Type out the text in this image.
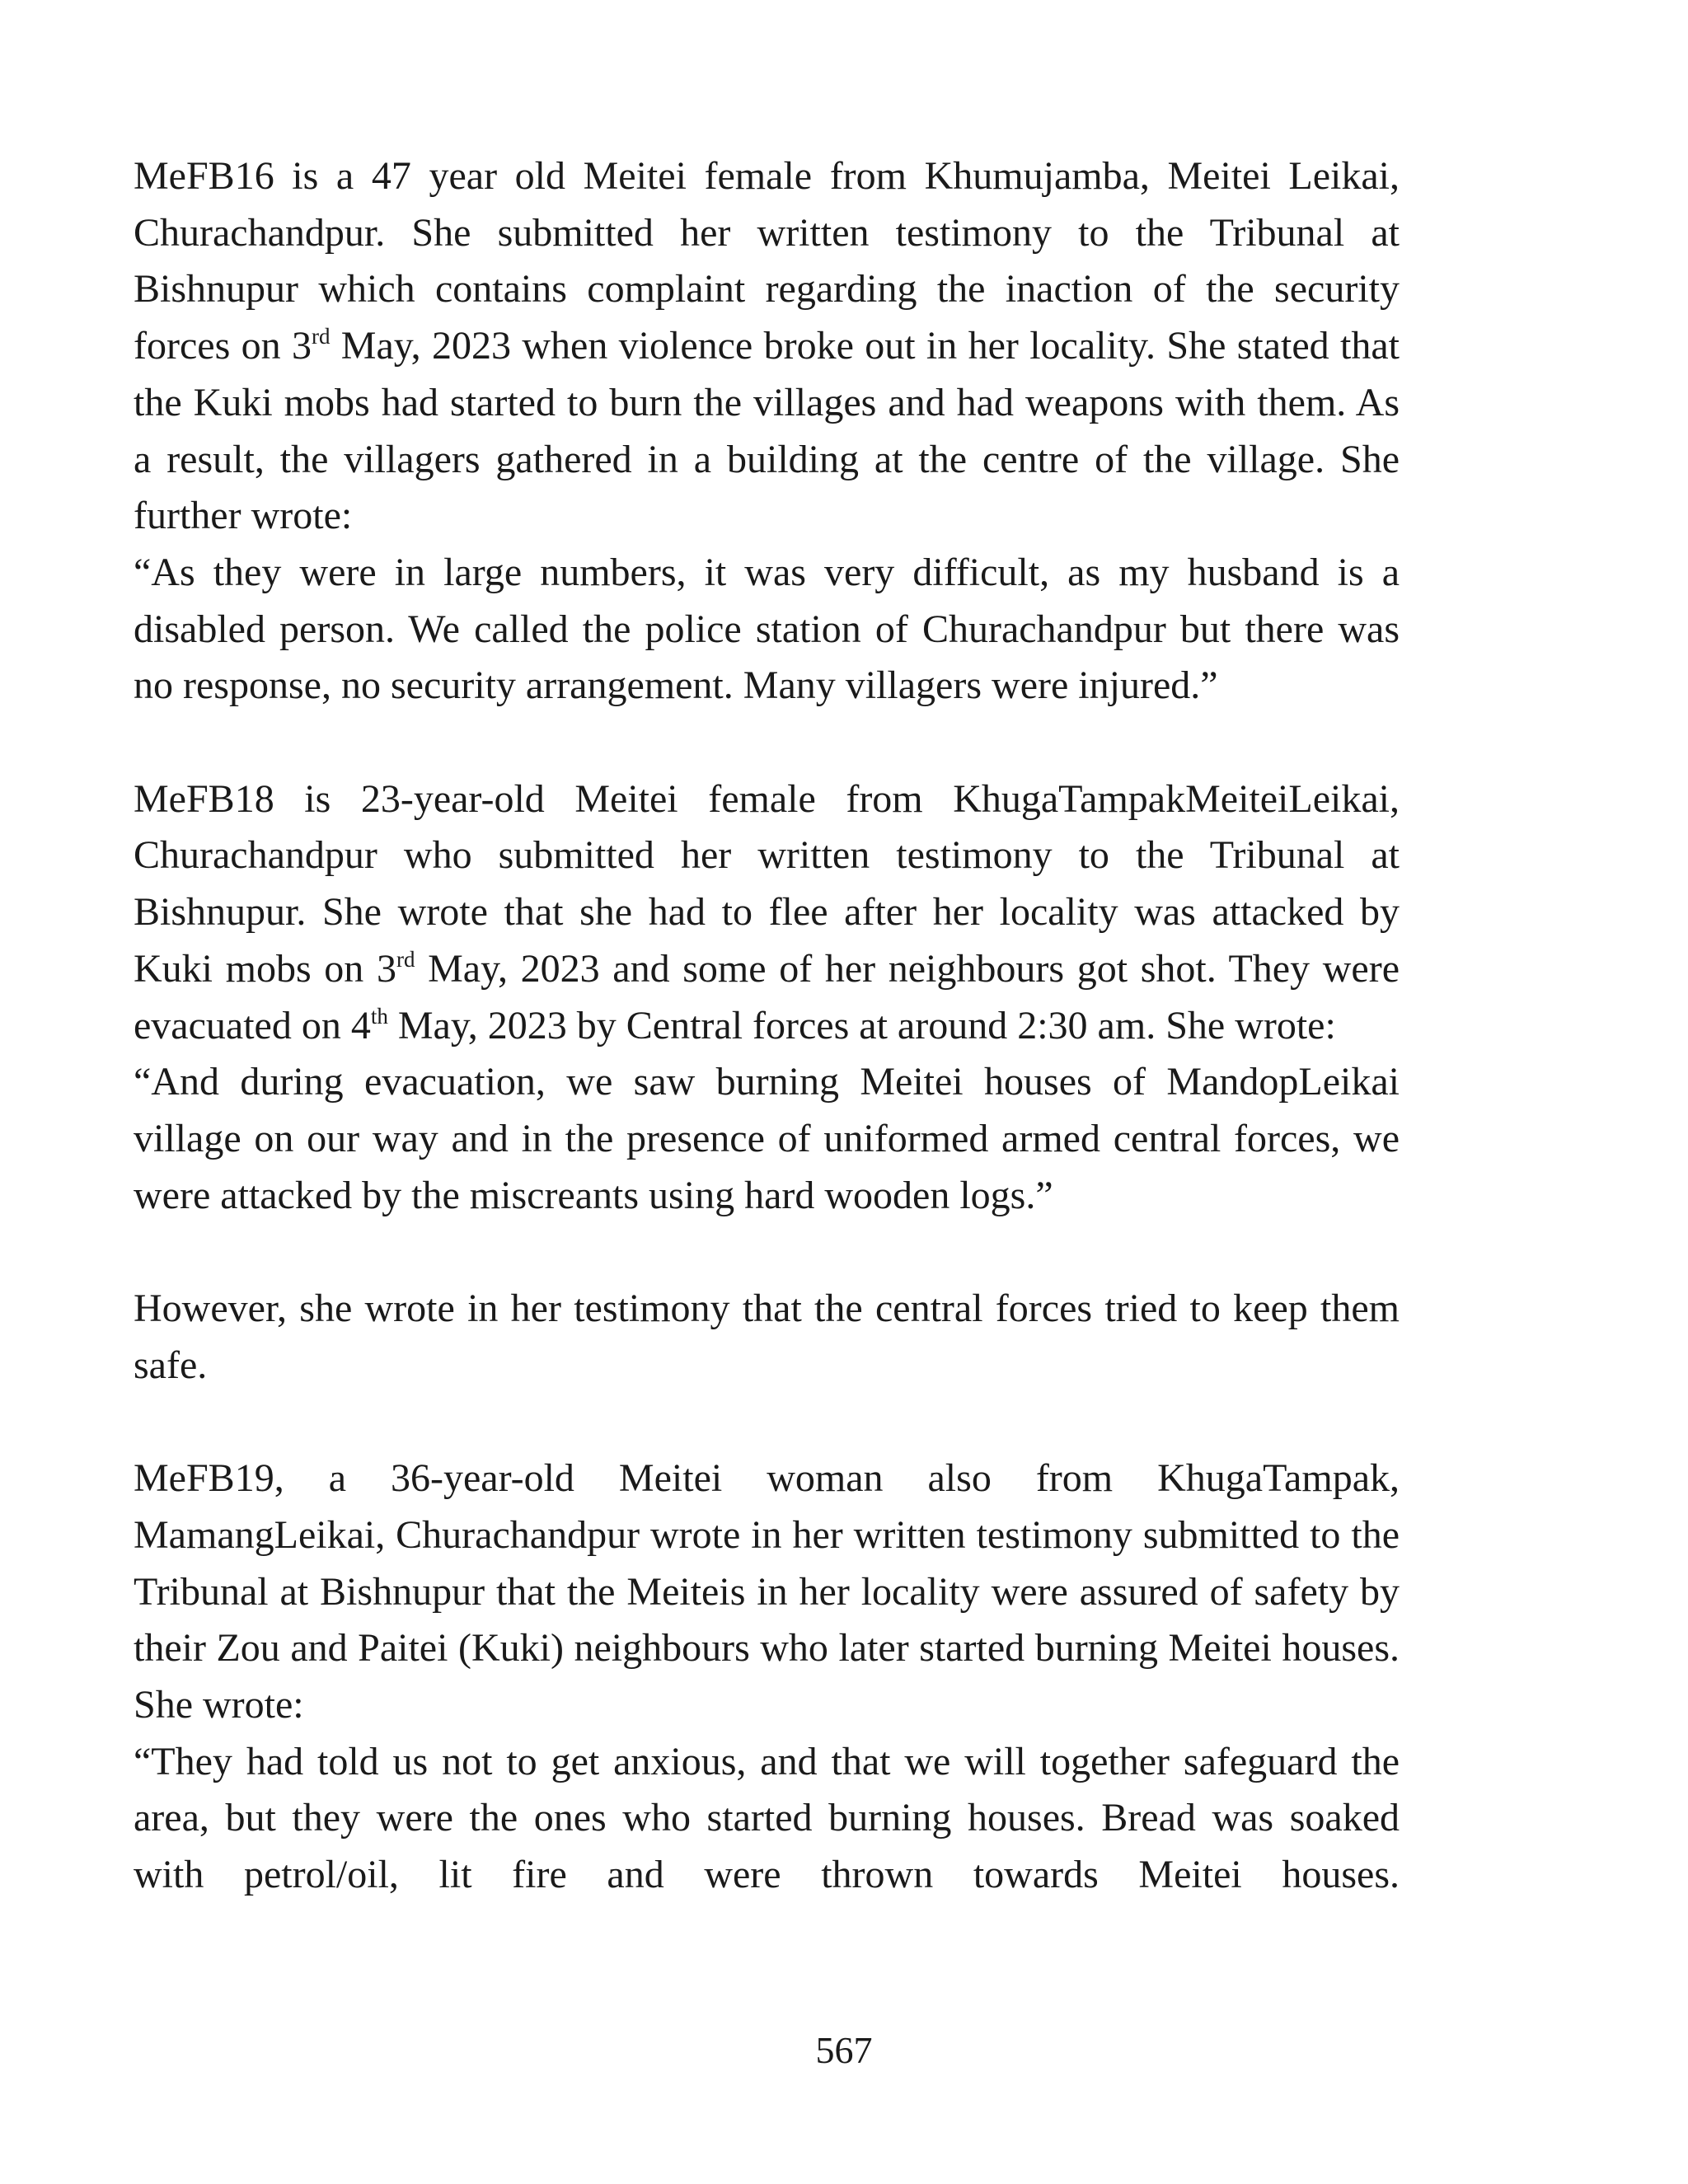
MeFB16 is a 47 year old Meitei female from Khumujamba, Meitei Leikai, Churachandpur. She submitted her written testimony to the Tribunal at Bishnupur which contains complaint regarding the inaction of the security forces on 3rd May, 2023 when violence broke out in her locality. She stated that the Kuki mobs had started to burn the villages and had weapons with them. As a result, the villagers gathered in a building at the centre of the village. She further wrote:

“As they were in large numbers, it was very difficult, as my husband is a disabled person. We called the police station of Churachandpur but there was no response, no security arrangement. Many villagers were injured.”

MeFB18 is 23-year-old Meitei female from KhugaTampakMeiteiLeikai, Churachandpur who submitted her written testimony to the Tribunal at Bishnupur. She wrote that she had to flee after her locality was attacked by Kuki mobs on 3rd May, 2023 and some of her neighbours got shot. They were evacuated on 4th May, 2023 by Central forces at around 2:30 am. She wrote:

“And during evacuation, we saw burning Meitei houses of MandopLeikai village on our way and in the presence of uniformed armed central forces, we were attacked by the miscreants using hard wooden logs.”

However, she wrote in her testimony that the central forces tried to keep them safe.

MeFB19, a 36-year-old Meitei woman also from KhugaTampak, MamangLeikai, Churachandpur wrote in her written testimony submitted to the Tribunal at Bishnupur that the Meiteis in her locality were assured of safety by their Zou and Paitei (Kuki) neighbours who later started burning Meitei houses. She wrote:

“They had told us not to get anxious, and that we will together safeguard the area, but they were the ones who started burning houses. Bread was soaked with petrol/oil, lit fire and were thrown towards Meitei houses.

567
